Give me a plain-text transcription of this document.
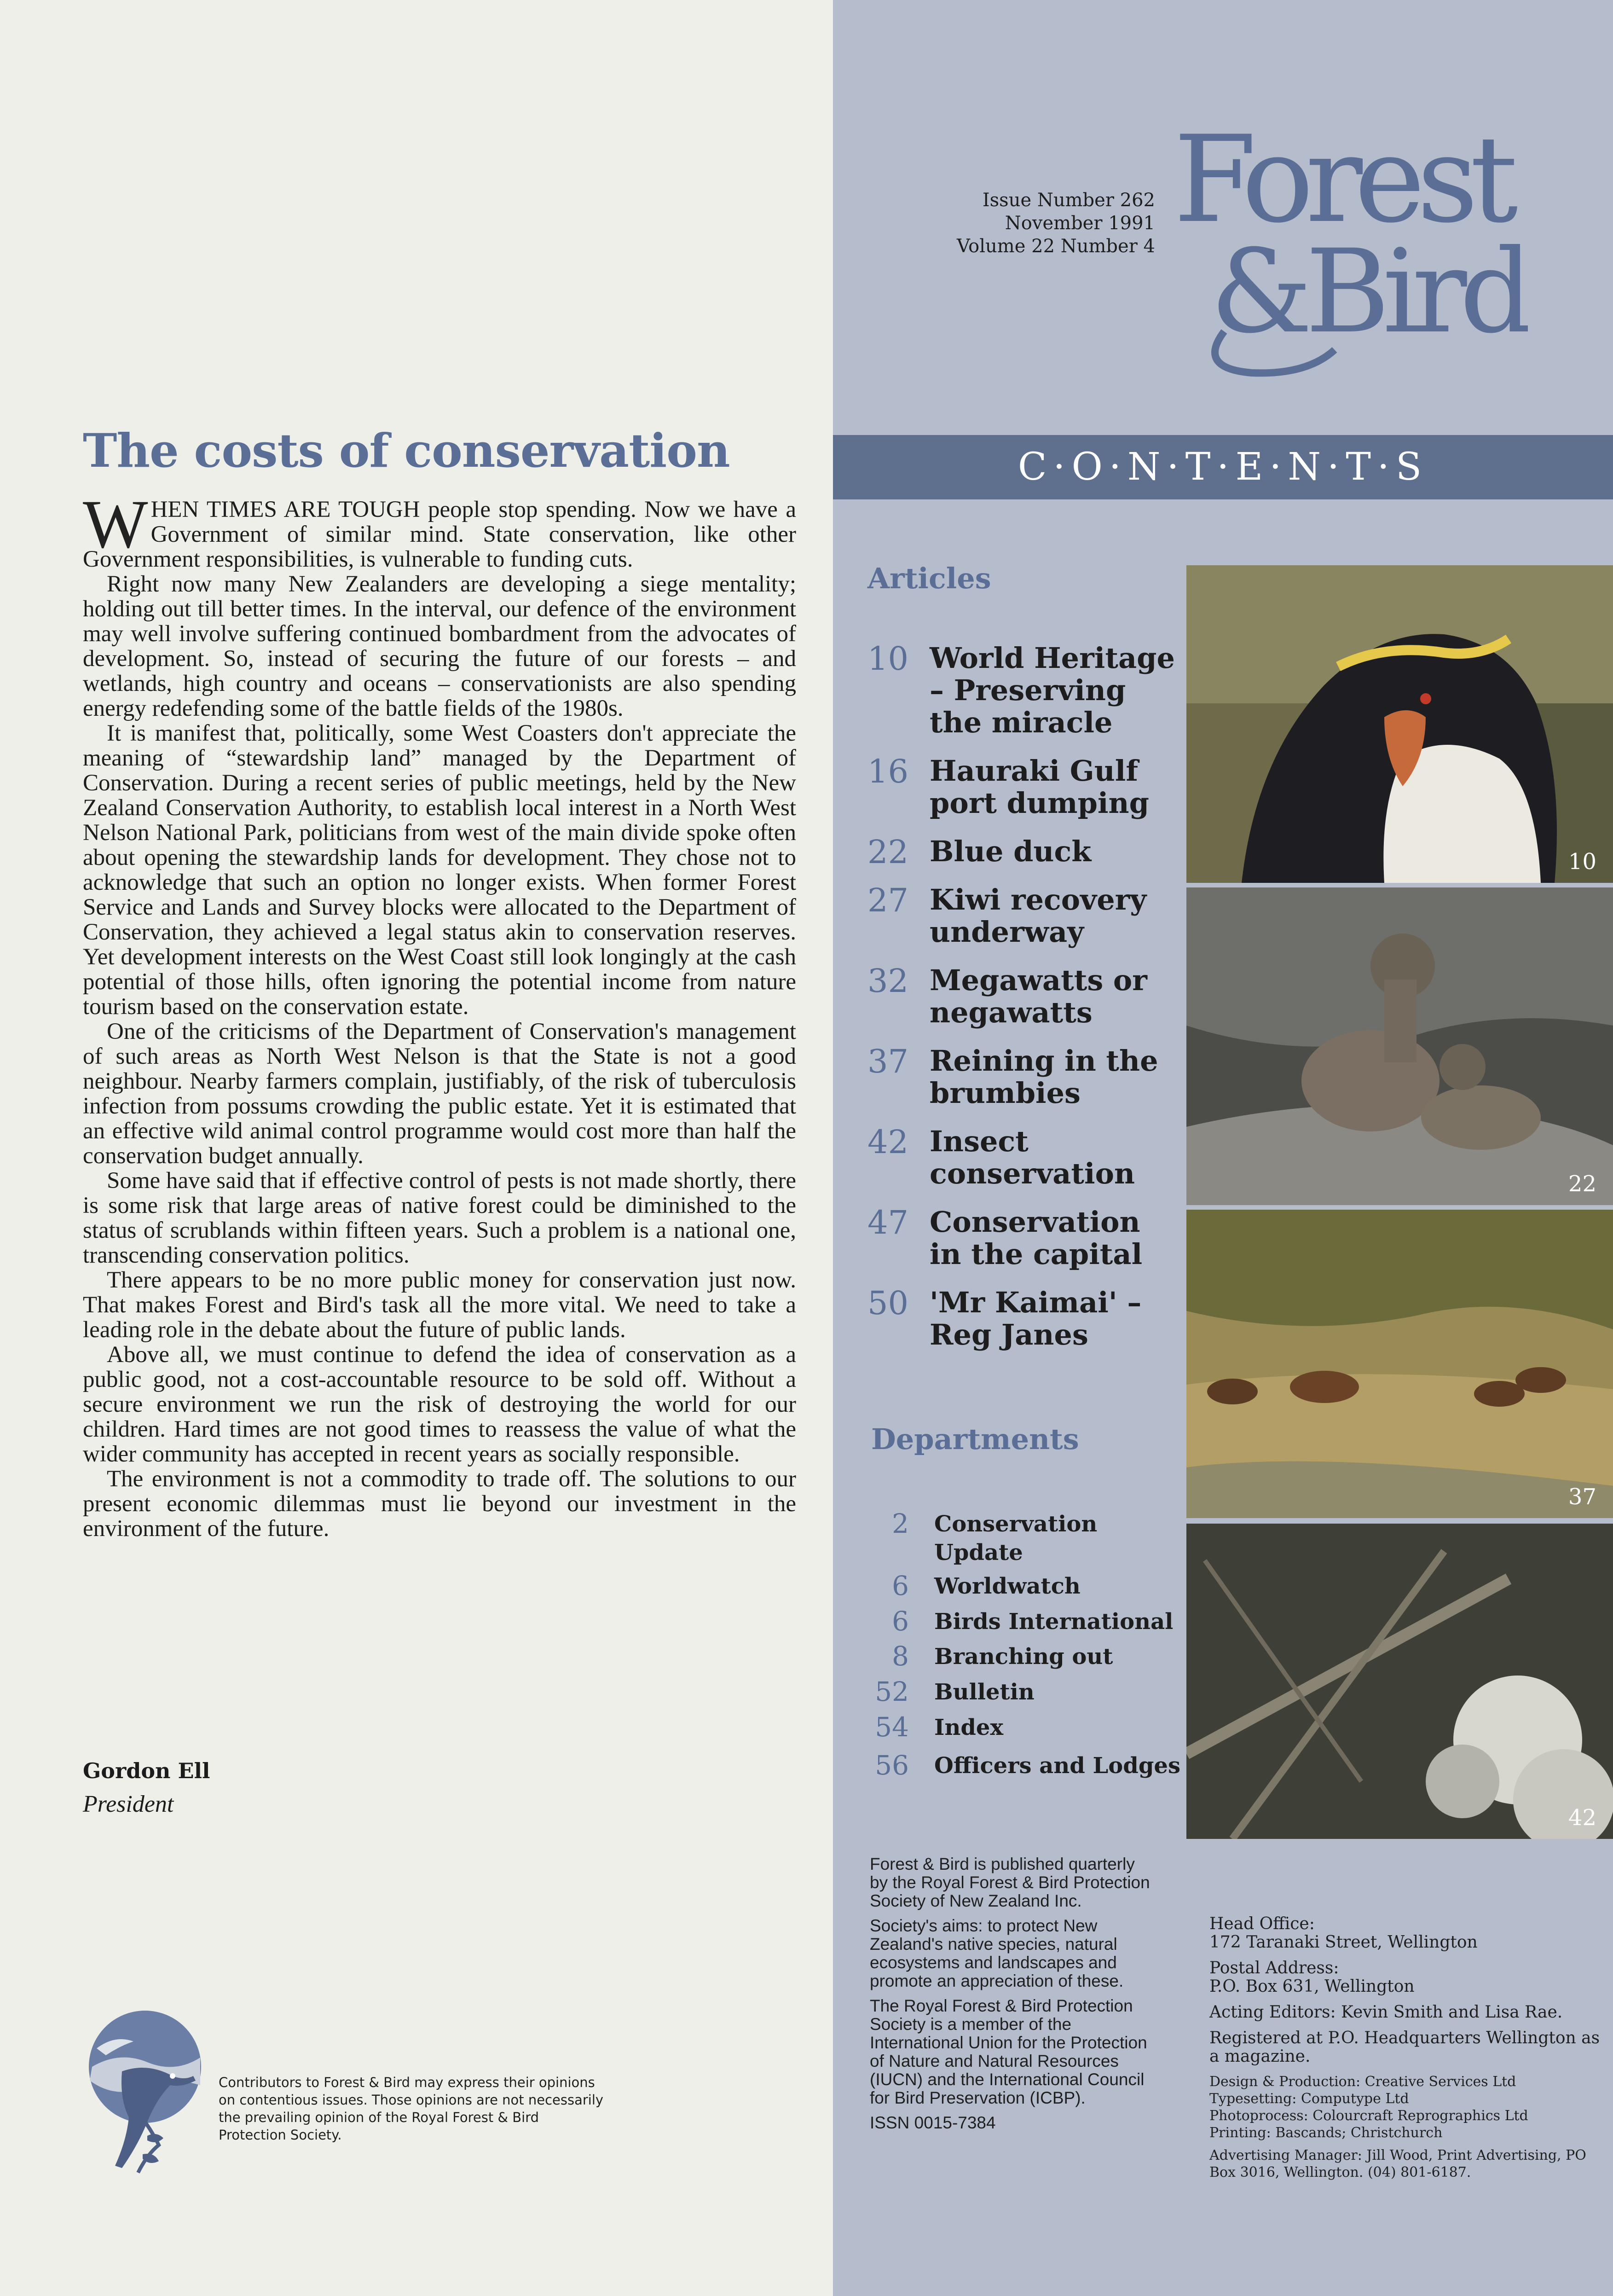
The costs of conservation

WHEN TIMES ARE TOUGH people stop spending. Now we have a Government of similar mind. State conservation, like other Government responsibilities, is vulnerable to funding cuts.

Right now many New Zealanders are developing a siege mentality; holding out till better times. In the interval, our defence of the environment may well involve suffering continued bombardment from the advocates of development. So, instead of securing the future of our forests – and wetlands, high country and oceans – conservationists are also spending energy redefending some of the battle fields of the 1980s.

It is manifest that, politically, some West Coasters don't appreciate the meaning of “stewardship land” managed by the Department of Conservation. During a recent series of public meetings, held by the New Zealand Conservation Authority, to establish local interest in a North West Nelson National Park, politicians from west of the main divide spoke often about opening the stewardship lands for development. They chose not to acknowledge that such an option no longer exists. When former Forest Service and Lands and Survey blocks were allocated to the Department of Conservation, they achieved a legal status akin to conservation reserves. Yet development interests on the West Coast still look longingly at the cash potential of those hills, often ignoring the potential income from nature tourism based on the conservation estate.

One of the criticisms of the Department of Conservation's management of such areas as North West Nelson is that the State is not a good neighbour. Nearby farmers complain, justifiably, of the risk of tuberculosis infection from possums crowding the public estate. Yet it is estimated that an effective wild animal control programme would cost more than half the conservation budget annually.

Some have said that if effective control of pests is not made shortly, there is some risk that large areas of native forest could be diminished to the status of scrublands within fifteen years. Such a problem is a national one, transcending conservation politics.

There appears to be no more public money for conservation just now. That makes Forest and Bird's task all the more vital. We need to take a leading role in the debate about the future of public lands.

Above all, we must continue to defend the idea of conservation as a public good, not a cost-accountable resource to be sold off. Without a secure environment we run the risk of destroying the world for our children. Hard times are not good times to reassess the value of what the wider community has accepted in recent years as socially responsible.

The environment is not a commodity to trade off. The solutions to our present economic dilemmas must lie beyond our investment in the environment of the future.

Gordon Ell
President
Contributors to Forest & Bird may express their opinions on contentious issues. Those opinions are not necessarily the prevailing opinion of the Royal Forest & Bird Protection Society.
Issue Number 262
November 1991
Volume 22 Number 4 Forest
&Bird
C·O·N·T·E·N·T·S
Articles
10 World Heritage – Preserving the miracle
16 Hauraki Gulf port dumping
22 Blue duck
27 Kiwi recovery underway
32 Megawatts or negawatts
37 Reining in the brumbies
42 Insect conservation
47 Conservation in the capital
50 'Mr Kaimai' – Reg Janes
Departments
2 Conservation Update
6 Worldwatch
6 Birds International
8 Branching out
52 Bulletin
54 Index
56 Officers and Lodges
10
22
37
42

Forest & Bird is published quarterly by the Royal Forest & Bird Protection Society of New Zealand Inc.

Society's aims: to protect New Zealand's native species, natural ecosystems and landscapes and promote an appreciation of these.

The Royal Forest & Bird Protection Society is a member of the International Union for the Protection of Nature and Natural Resources (IUCN) and the International Council for Bird Preservation (ICBP).

ISSN 0015-7384

Head Office:
172 Taranaki Street, Wellington

Postal Address:
P.O. Box 631, Wellington

Acting Editors: Kevin Smith and Lisa Rae.

Registered at P.O. Headquarters Wellington as a magazine.

Design & Production: Creative Services Ltd
Typesetting: Computype Ltd
Photoprocess: Colourcraft Reprographics Ltd
Printing: Bascands; Christchurch

Advertising Manager: Jill Wood, Print Advertising, PO Box 3016, Wellington. (04) 801-6187.
